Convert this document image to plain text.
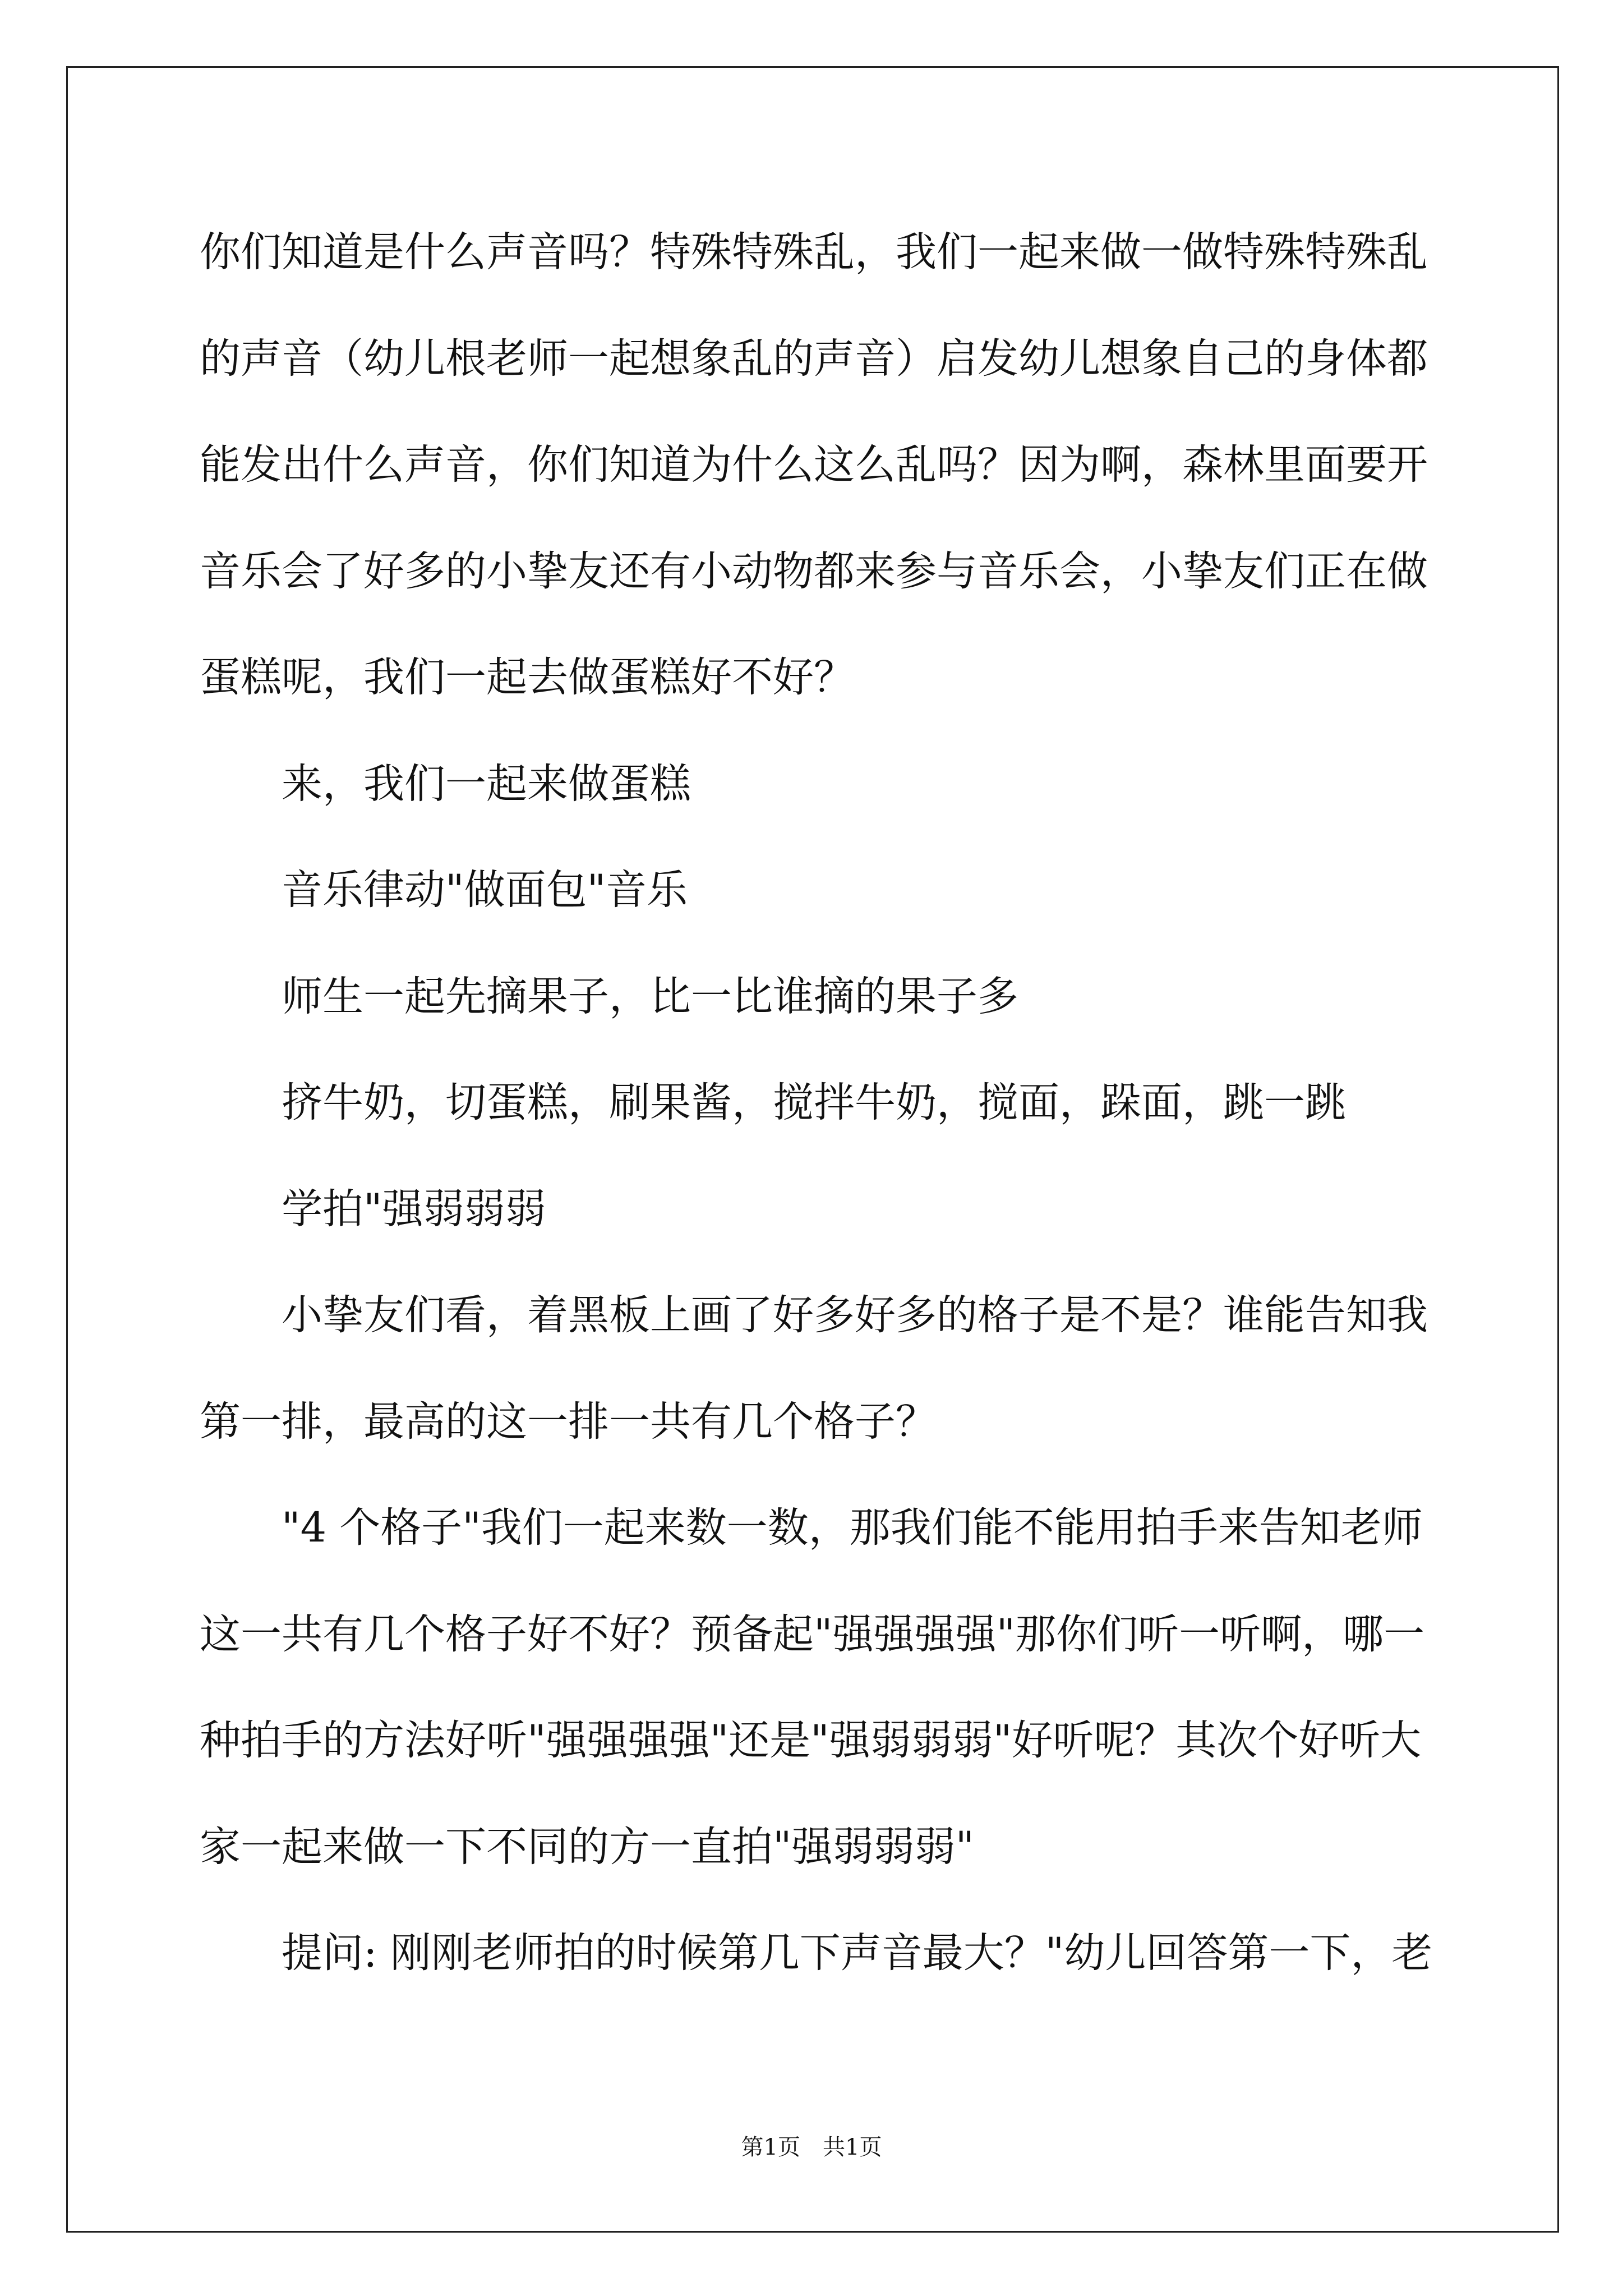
你们知道是什么声音吗？特殊特殊乱，我们一起来做一做特殊特殊乱
的声音（幼儿根老师一起想象乱的声音）启发幼儿想象自己的身体都
能发出什么声音，你们知道为什么这么乱吗？因为啊，森林里面要开
音乐会了好多的小挚友还有小动物都来参与音乐会，小挚友们正在做
蛋糕呢，我们一起去做蛋糕好不好？
来，我们一起来做蛋糕
音乐律动"做面包"音乐
师生一起先摘果子，比一比谁摘的果子多
挤牛奶，切蛋糕，刷果酱，搅拌牛奶，搅面，跺面，跳一跳
学拍"强弱弱弱
小挚友们看，着黑板上画了好多好多的格子是不是？谁能告知我
第一排，最高的这一排一共有几个格子？
"4 个格子"我们一起来数一数，那我们能不能用拍手来告知老师
这一共有几个格子好不好？预备起"强强强强"那你们听一听啊，哪一
种拍手的方法好听"强强强强"还是"强弱弱弱"好听呢？其次个好听大
家一起来做一下不同的方一直拍"强弱弱弱"
提问: 刚刚老师拍的时候第几下声音最大？"幼儿回答第一下，老
第1页　共1页
